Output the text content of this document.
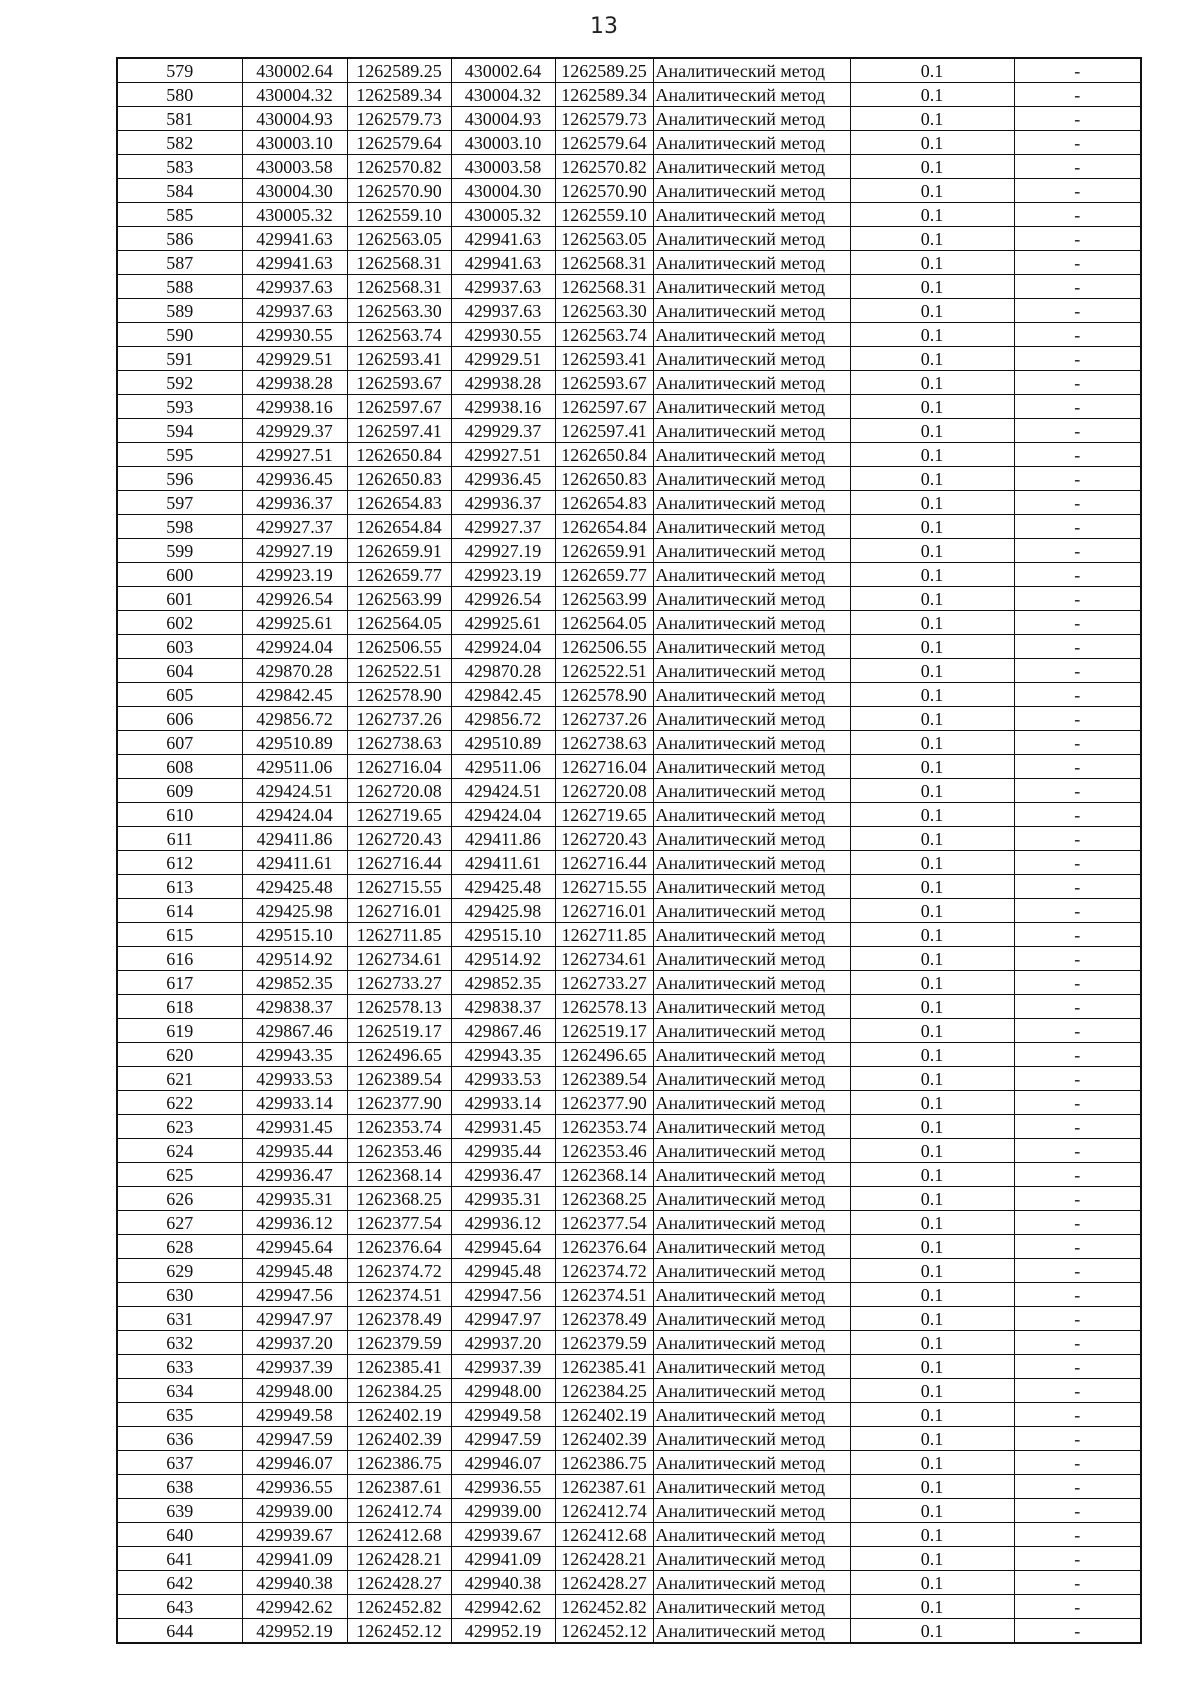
13
579	430002.64	1262589.25	430002.64	1262589.25	Аналитический метод	0.1	-
580	430004.32	1262589.34	430004.32	1262589.34	Аналитический метод	0.1	-
581	430004.93	1262579.73	430004.93	1262579.73	Аналитический метод	0.1	-
582	430003.10	1262579.64	430003.10	1262579.64	Аналитический метод	0.1	-
583	430003.58	1262570.82	430003.58	1262570.82	Аналитический метод	0.1	-
584	430004.30	1262570.90	430004.30	1262570.90	Аналитический метод	0.1	-
585	430005.32	1262559.10	430005.32	1262559.10	Аналитический метод	0.1	-
586	429941.63	1262563.05	429941.63	1262563.05	Аналитический метод	0.1	-
587	429941.63	1262568.31	429941.63	1262568.31	Аналитический метод	0.1	-
588	429937.63	1262568.31	429937.63	1262568.31	Аналитический метод	0.1	-
589	429937.63	1262563.30	429937.63	1262563.30	Аналитический метод	0.1	-
590	429930.55	1262563.74	429930.55	1262563.74	Аналитический метод	0.1	-
591	429929.51	1262593.41	429929.51	1262593.41	Аналитический метод	0.1	-
592	429938.28	1262593.67	429938.28	1262593.67	Аналитический метод	0.1	-
593	429938.16	1262597.67	429938.16	1262597.67	Аналитический метод	0.1	-
594	429929.37	1262597.41	429929.37	1262597.41	Аналитический метод	0.1	-
595	429927.51	1262650.84	429927.51	1262650.84	Аналитический метод	0.1	-
596	429936.45	1262650.83	429936.45	1262650.83	Аналитический метод	0.1	-
597	429936.37	1262654.83	429936.37	1262654.83	Аналитический метод	0.1	-
598	429927.37	1262654.84	429927.37	1262654.84	Аналитический метод	0.1	-
599	429927.19	1262659.91	429927.19	1262659.91	Аналитический метод	0.1	-
600	429923.19	1262659.77	429923.19	1262659.77	Аналитический метод	0.1	-
601	429926.54	1262563.99	429926.54	1262563.99	Аналитический метод	0.1	-
602	429925.61	1262564.05	429925.61	1262564.05	Аналитический метод	0.1	-
603	429924.04	1262506.55	429924.04	1262506.55	Аналитический метод	0.1	-
604	429870.28	1262522.51	429870.28	1262522.51	Аналитический метод	0.1	-
605	429842.45	1262578.90	429842.45	1262578.90	Аналитический метод	0.1	-
606	429856.72	1262737.26	429856.72	1262737.26	Аналитический метод	0.1	-
607	429510.89	1262738.63	429510.89	1262738.63	Аналитический метод	0.1	-
608	429511.06	1262716.04	429511.06	1262716.04	Аналитический метод	0.1	-
609	429424.51	1262720.08	429424.51	1262720.08	Аналитический метод	0.1	-
610	429424.04	1262719.65	429424.04	1262719.65	Аналитический метод	0.1	-
611	429411.86	1262720.43	429411.86	1262720.43	Аналитический метод	0.1	-
612	429411.61	1262716.44	429411.61	1262716.44	Аналитический метод	0.1	-
613	429425.48	1262715.55	429425.48	1262715.55	Аналитический метод	0.1	-
614	429425.98	1262716.01	429425.98	1262716.01	Аналитический метод	0.1	-
615	429515.10	1262711.85	429515.10	1262711.85	Аналитический метод	0.1	-
616	429514.92	1262734.61	429514.92	1262734.61	Аналитический метод	0.1	-
617	429852.35	1262733.27	429852.35	1262733.27	Аналитический метод	0.1	-
618	429838.37	1262578.13	429838.37	1262578.13	Аналитический метод	0.1	-
619	429867.46	1262519.17	429867.46	1262519.17	Аналитический метод	0.1	-
620	429943.35	1262496.65	429943.35	1262496.65	Аналитический метод	0.1	-
621	429933.53	1262389.54	429933.53	1262389.54	Аналитический метод	0.1	-
622	429933.14	1262377.90	429933.14	1262377.90	Аналитический метод	0.1	-
623	429931.45	1262353.74	429931.45	1262353.74	Аналитический метод	0.1	-
624	429935.44	1262353.46	429935.44	1262353.46	Аналитический метод	0.1	-
625	429936.47	1262368.14	429936.47	1262368.14	Аналитический метод	0.1	-
626	429935.31	1262368.25	429935.31	1262368.25	Аналитический метод	0.1	-
627	429936.12	1262377.54	429936.12	1262377.54	Аналитический метод	0.1	-
628	429945.64	1262376.64	429945.64	1262376.64	Аналитический метод	0.1	-
629	429945.48	1262374.72	429945.48	1262374.72	Аналитический метод	0.1	-
630	429947.56	1262374.51	429947.56	1262374.51	Аналитический метод	0.1	-
631	429947.97	1262378.49	429947.97	1262378.49	Аналитический метод	0.1	-
632	429937.20	1262379.59	429937.20	1262379.59	Аналитический метод	0.1	-
633	429937.39	1262385.41	429937.39	1262385.41	Аналитический метод	0.1	-
634	429948.00	1262384.25	429948.00	1262384.25	Аналитический метод	0.1	-
635	429949.58	1262402.19	429949.58	1262402.19	Аналитический метод	0.1	-
636	429947.59	1262402.39	429947.59	1262402.39	Аналитический метод	0.1	-
637	429946.07	1262386.75	429946.07	1262386.75	Аналитический метод	0.1	-
638	429936.55	1262387.61	429936.55	1262387.61	Аналитический метод	0.1	-
639	429939.00	1262412.74	429939.00	1262412.74	Аналитический метод	0.1	-
640	429939.67	1262412.68	429939.67	1262412.68	Аналитический метод	0.1	-
641	429941.09	1262428.21	429941.09	1262428.21	Аналитический метод	0.1	-
642	429940.38	1262428.27	429940.38	1262428.27	Аналитический метод	0.1	-
643	429942.62	1262452.82	429942.62	1262452.82	Аналитический метод	0.1	-
644	429952.19	1262452.12	429952.19	1262452.12	Аналитический метод	0.1	-
